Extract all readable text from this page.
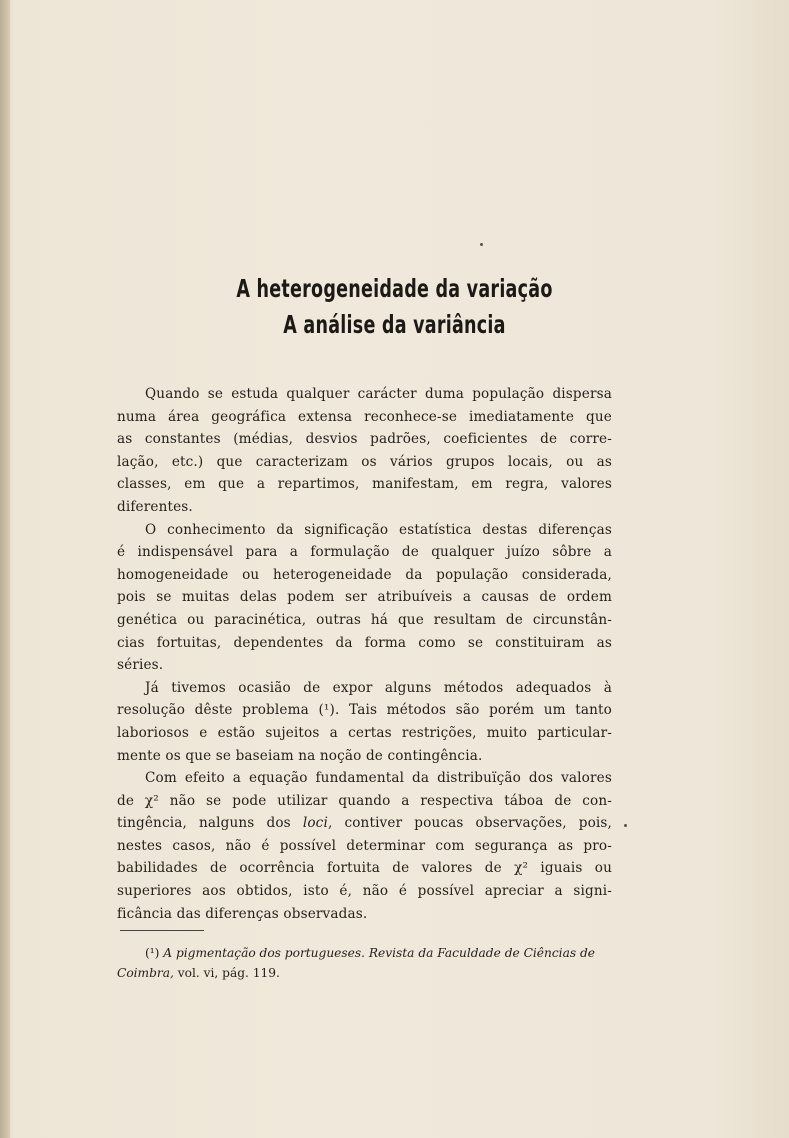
A heterogeneidade da variação
A análise da variância
Quando se estuda qualquer carácter duma população dispersa
numa área geográfica extensa reconhece-se imediatamente que
as constantes (médias, desvios padrões, coeficientes de corre-
lação, etc.) que caracterizam os vários grupos locais, ou as
classes, em que a repartimos, manifestam, em regra, valores
diferentes.
O conhecimento da significação estatística destas diferenças
é indispensável para a formulação de qualquer juízo sôbre a
homogeneidade ou heterogeneidade da população considerada,
pois se muitas delas podem ser atribuíveis a causas de ordem
genética ou paracinética, outras há que resultam de circunstân-
cias fortuitas, dependentes da forma como se constituiram as
séries.
Já tivemos ocasião de expor alguns métodos adequados à
resolução dêste problema (¹). Tais métodos são porém um tanto
laboriosos e estão sujeitos a certas restrições, muito particular-
mente os que se baseiam na noção de contingência.
Com efeito a equação fundamental da distribuïção dos valores
de χ² não se pode utilizar quando a respectiva táboa de con-
tingência, nalguns dos loci, contiver poucas observações, pois,
nestes casos, não é possível determinar com segurança as pro-
babilidades de ocorrência fortuita de valores de χ² iguais ou
superiores aos obtidos, isto é, não é possível apreciar a signi-
ficância das diferenças observadas.

(¹) A pigmentação dos portugueses. Revista da Faculdade de Ciências de

Coimbra, vol. vi, pág. 119.
